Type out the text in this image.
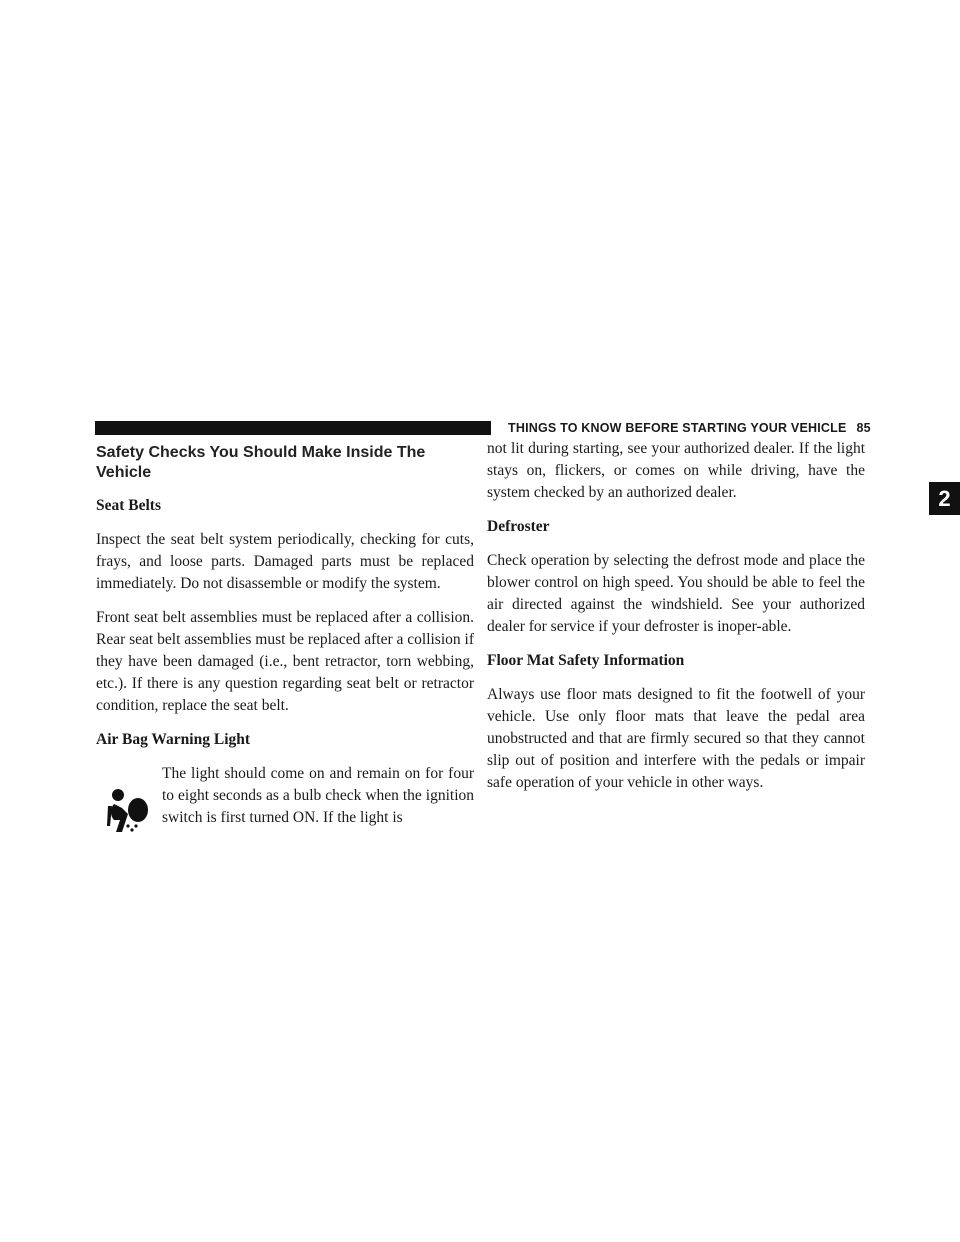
THINGS TO KNOW BEFORE STARTING YOUR VEHICLE 85
2
Safety Checks You Should Make Inside The
Vehicle
Seat Belts

Inspect the seat belt system periodically, checking for cuts, frays, and loose parts. Damaged parts must be replaced immediately. Do not disassemble or modify the system.

Front seat belt assemblies must be replaced after a collision. Rear seat belt assemblies must be replaced after a collision if they have been damaged (i.e., bent retractor, torn webbing, etc.). If there is any question regarding seat belt or retractor condition, replace the seat belt.

Air Bag Warning Light

The light should come on and remain on for four to eight seconds as a bulb check when the ignition switch is first turned ON. If the light is

not lit during starting, see your authorized dealer. If the light stays on, flickers, or comes on while driving, have the system checked by an authorized dealer.

Defroster

Check operation by selecting the defrost mode and place the blower control on high speed. You should be able to feel the air directed against the windshield. See your authorized dealer for service if your defroster is inoper-able.

Floor Mat Safety Information

Always use floor mats designed to fit the footwell of your vehicle. Use only floor mats that leave the pedal area unobstructed and that are firmly secured so that they cannot slip out of position and interfere with the pedals or impair safe operation of your vehicle in other ways.
